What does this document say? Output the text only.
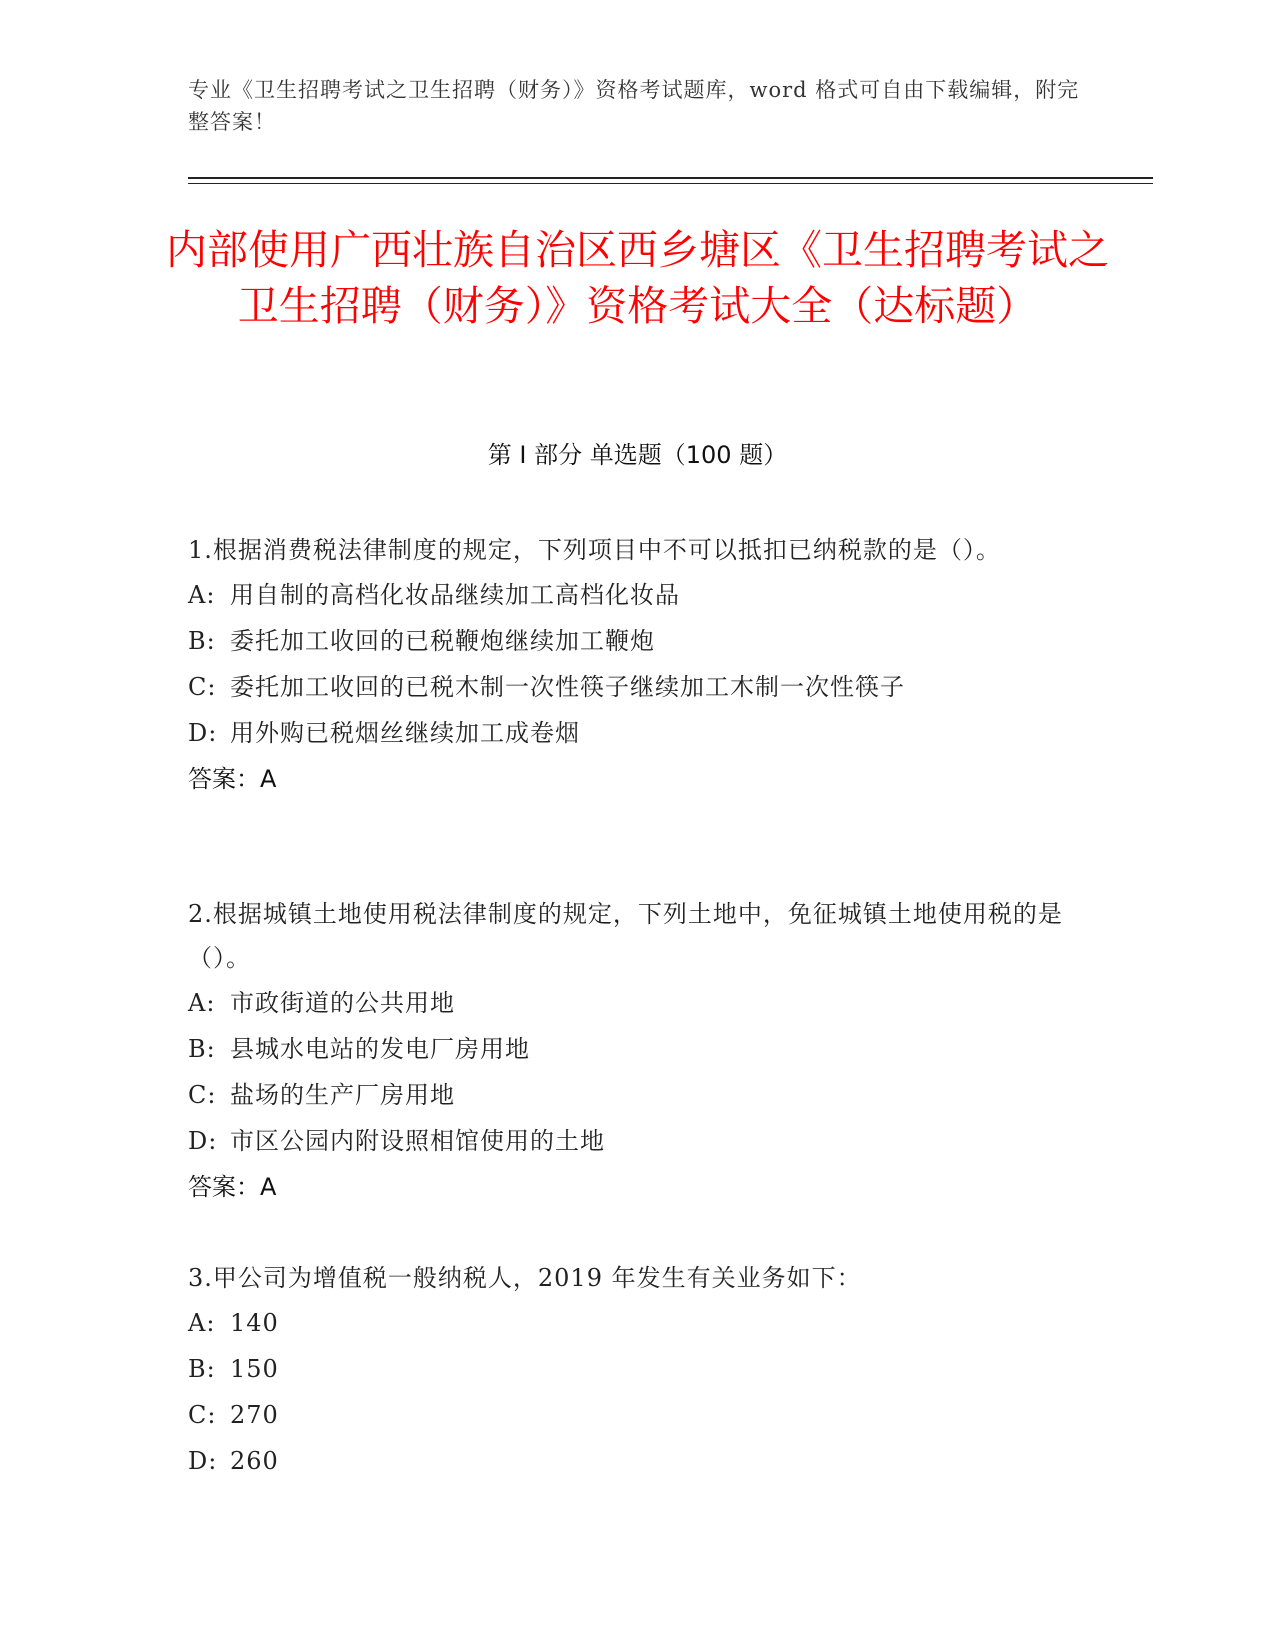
专业《卫生招聘考试之卫生招聘（财务）》资格考试题库，word 格式可自由下载编辑，附完整答案！
内部使用广西壮族自治区西乡塘区《卫生招聘考试之卫生招聘（财务）》资格考试大全（达标题）
第 I 部分 单选题（100 题）
1.根据消费税法律制度的规定，下列项目中不可以抵扣已纳税款的是（）。
A: 用自制的高档化妆品继续加工高档化妆品
B: 委托加工收回的已税鞭炮继续加工鞭炮
C: 委托加工收回的已税木制一次性筷子继续加工木制一次性筷子
D: 用外购已税烟丝继续加工成卷烟
答案：A
2.根据城镇土地使用税法律制度的规定，下列土地中，免征城镇土地使用税的是（）。
A: 市政街道的公共用地
B: 县城水电站的发电厂房用地
C: 盐场的生产厂房用地
D: 市区公园内附设照相馆使用的土地
答案：A
3.甲公司为增值税一般纳税人，2019 年发生有关业务如下：
A: 140
B: 150
C: 270
D: 260
